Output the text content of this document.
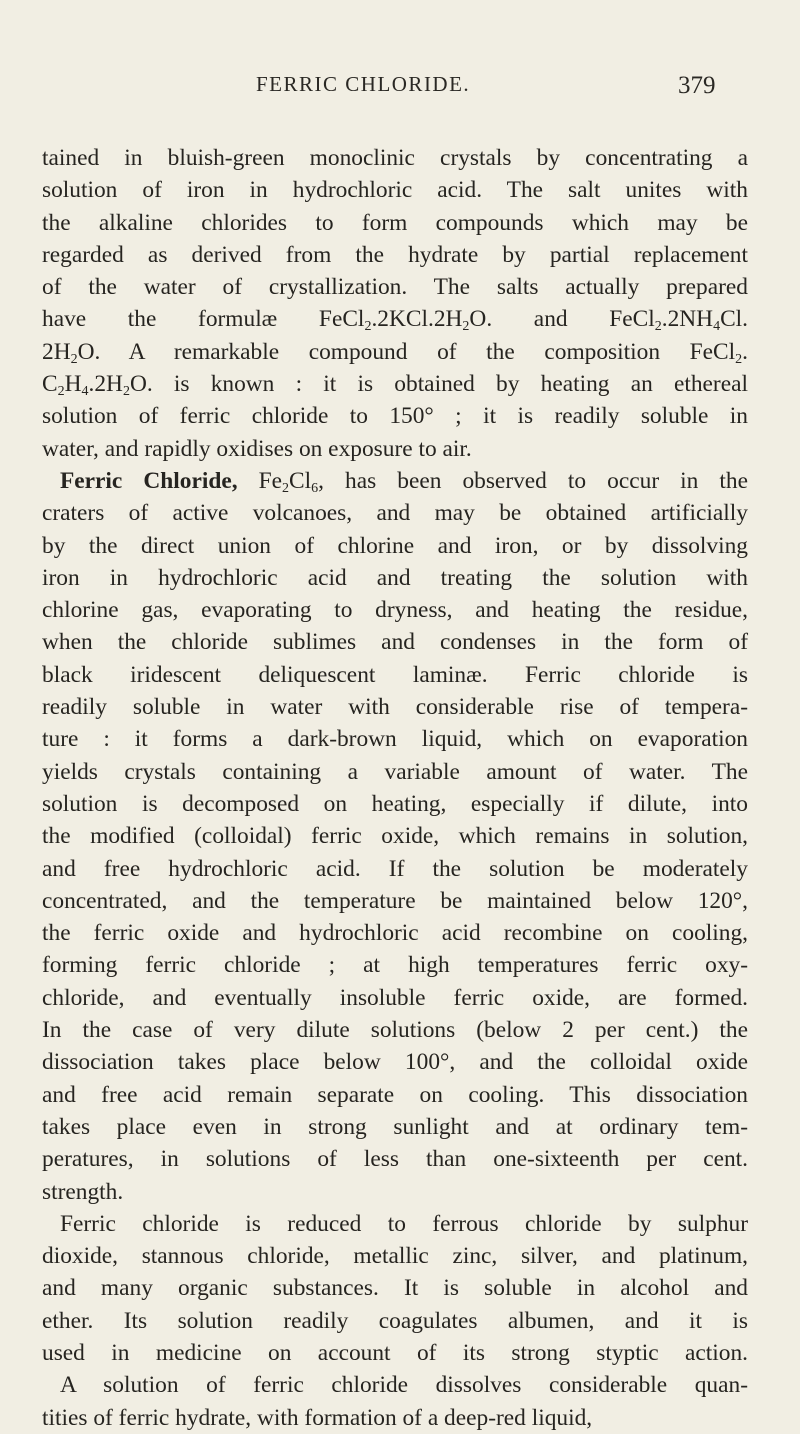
FERRIC CHLORIDE.	379
tained in bluish-green monoclinic crystals by concentrating a
solution of iron in hydrochloric acid. The salt unites with
the alkaline chlorides to form compounds which may be
regarded as derived from the hydrate by partial replacement
of the water of crystallization. The salts actually prepared
have the formulæ $FeCl_2.2KCl.2H_2O$. and $FeCl_2.2NH_4Cl$.
$2H_2O$. A remarkable compound of the composition FeCl$_2$.
$C_2H_4.2H_2O$. is known : it is obtained by heating an ethereal
solution of ferric chloride to 150° ; it is readily soluble in
water, and rapidly oxidises on exposure to air.
Ferric Chloride, $Fe_2Cl_6$, has been observed to occur in the
craters of active volcanoes, and may be obtained artificially
by the direct union of chlorine and iron, or by dissolving
iron in hydrochloric acid and treating the solution with
chlorine gas, evaporating to dryness, and heating the residue,
when the chloride sublimes and condenses in the form of
black iridescent deliquescent laminæ. Ferric chloride is
readily soluble in water with considerable rise of tempera-
ture : it forms a dark-brown liquid, which on evaporation
yields crystals containing a variable amount of water. The
solution is decomposed on heating, especially if dilute, into
the modified (colloidal) ferric oxide, which remains in solution,
and free hydrochloric acid. If the solution be moderately
concentrated, and the temperature be maintained below 120°,
the ferric oxide and hydrochloric acid recombine on cooling,
forming ferric chloride ; at high temperatures ferric oxy-
chloride, and eventually insoluble ferric oxide, are formed.
In the case of very dilute solutions (below 2 per cent.) the
dissociation takes place below 100°, and the colloidal oxide
and free acid remain separate on cooling. This dissociation
takes place even in strong sunlight and at ordinary tem-
peratures, in solutions of less than one-sixteenth per cent.
strength.
Ferric chloride is reduced to ferrous chloride by sulphur
dioxide, stannous chloride, metallic zinc, silver, and platinum,
and many organic substances. It is soluble in alcohol and
ether. Its solution readily coagulates albumen, and it is
used in medicine on account of its strong styptic action.
A solution of ferric chloride dissolves considerable quan-
tities of ferric hydrate, with formation of a deep-red liquid,
